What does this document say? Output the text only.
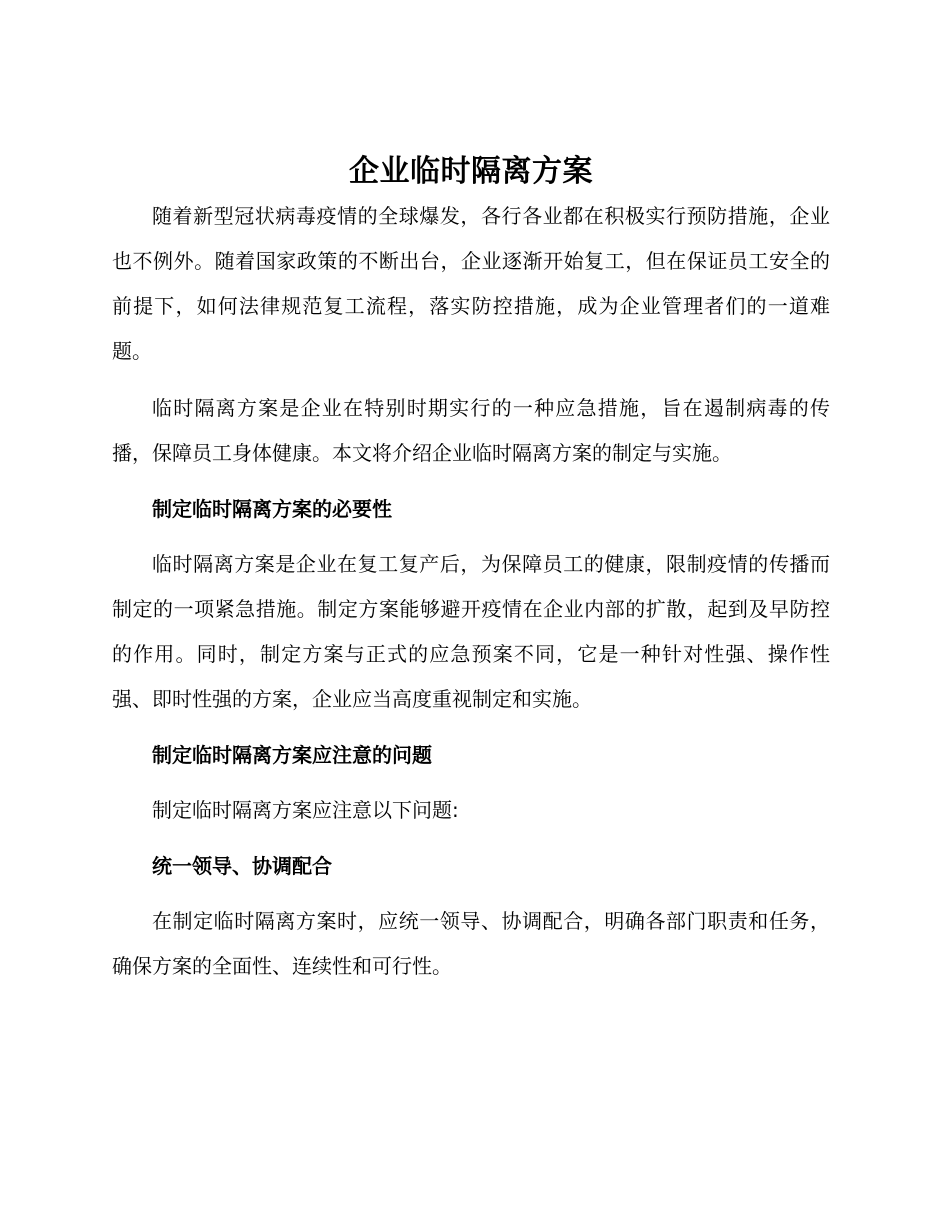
企业临时隔离方案

随着新型冠状病毒疫情的全球爆发，各行各业都在积极实行预防措施，企业也不例外。随着国家政策的不断出台，企业逐渐开始复工，但在保证员工安全的前提下，如何法律规范复工流程，落实防控措施，成为企业管理者们的一道难题。

临时隔离方案是企业在特别时期实行的一种应急措施，旨在遏制病毒的传播，保障员工身体健康。本文将介绍企业临时隔离方案的制定与实施。

制定临时隔离方案的必要性

临时隔离方案是企业在复工复产后，为保障员工的健康，限制疫情的传播而制定的一项紧急措施。制定方案能够避开疫情在企业内部的扩散，起到及早防控的作用。同时，制定方案与正式的应急预案不同，它是一种针对性强、操作性强、即时性强的方案，企业应当高度重视制定和实施。

制定临时隔离方案应注意的问题

制定临时隔离方案应注意以下问题:

统一领导、协调配合

在制定临时隔离方案时，应统一领导、协调配合，明确各部门职责和任务，确保方案的全面性、连续性和可行性。
